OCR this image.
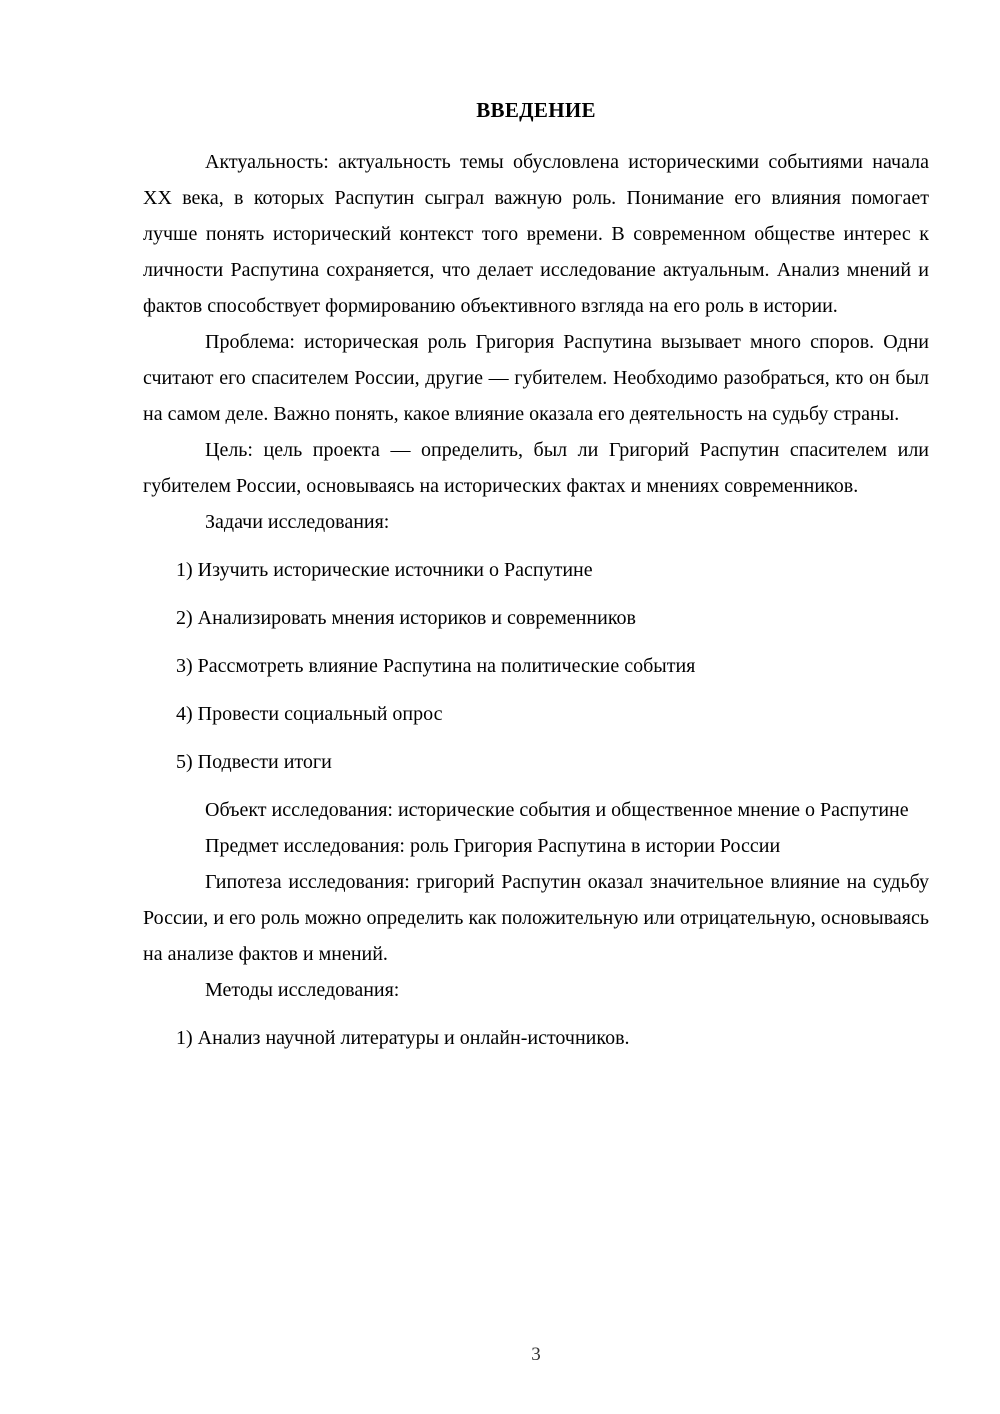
ВВЕДЕНИЕ

Актуальность: актуальность темы обусловлена историческими событиями начала XX века, в которых Распутин сыграл важную роль. Понимание его влияния помогает лучше понять исторический контекст того времени. В современном обществе интерес к личности Распутина сохраняется, что делает исследование актуальным. Анализ мнений и фактов способствует формированию объективного взгляда на его роль в истории.

Проблема: историческая роль Григория Распутина вызывает много споров. Одни считают его спасителем России, другие — губителем. Необходимо разобраться, кто он был на самом деле. Важно понять, какое влияние оказала его деятельность на судьбу страны.

Цель: цель проекта — определить, был ли Григорий Распутин спасителем или губителем России, основываясь на исторических фактах и мнениях современников.

Задачи исследования:

1) Изучить исторические источники о Распутине

2) Анализировать мнения историков и современников

3) Рассмотреть влияние Распутина на политические события

4) Провести социальный опрос

5) Подвести итоги

Объект исследования: исторические события и общественное мнение о Распутине

Предмет исследования: роль Григория Распутина в истории России

Гипотеза исследования: григорий Распутин оказал значительное влияние на судьбу России, и его роль можно определить как положительную или отрицательную, основываясь на анализе фактов и мнений.

Методы исследования:

1) Анализ научной литературы и онлайн-источников.

3
